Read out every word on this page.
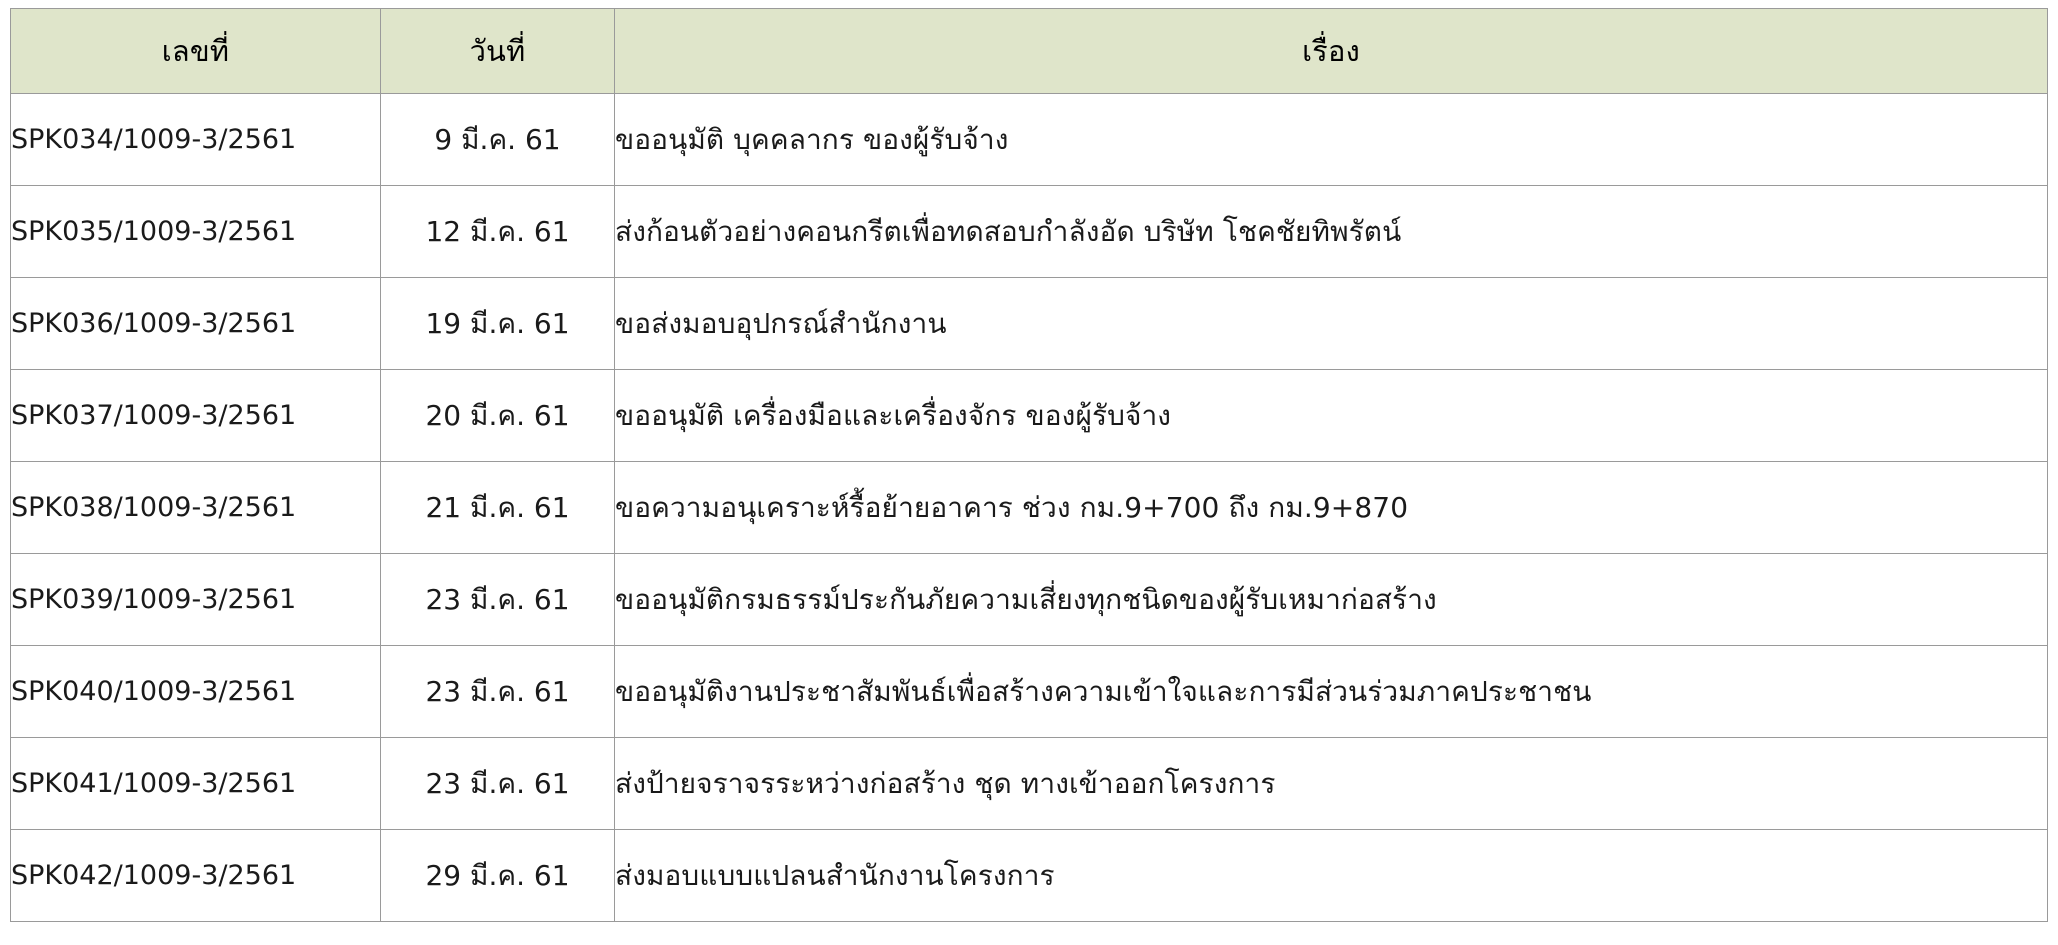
เลขที่	วันที่	เรื่อง
SPK034/1009-3/2561	9 มี.ค. 61	ขออนุมัติ บุคคลากร ของผู้รับจ้าง
SPK035/1009-3/2561	12 มี.ค. 61	ส่งก้อนตัวอย่างคอนกรีตเพื่อทดสอบกำลังอัด บริษัท โชคชัยทิพรัตน์
SPK036/1009-3/2561	19 มี.ค. 61	ขอส่งมอบอุปกรณ์สำนักงาน
SPK037/1009-3/2561	20 มี.ค. 61	ขออนุมัติ เครื่องมือและเครื่องจักร ของผู้รับจ้าง
SPK038/1009-3/2561	21 มี.ค. 61	ขอความอนุเคราะห์รื้อย้ายอาคาร ช่วง กม.9+700 ถึง กม.9+870
SPK039/1009-3/2561	23 มี.ค. 61	ขออนุมัติกรมธรรม์ประกันภัยความเสี่ยงทุกชนิดของผู้รับเหมาก่อสร้าง
SPK040/1009-3/2561	23 มี.ค. 61	ขออนุมัติงานประชาสัมพันธ์เพื่อสร้างความเข้าใจและการมีส่วนร่วมภาคประชาชน
SPK041/1009-3/2561	23 มี.ค. 61	ส่งป้ายจราจรระหว่างก่อสร้าง ชุด ทางเข้าออกโครงการ
SPK042/1009-3/2561	29 มี.ค. 61	ส่งมอบแบบแปลนสำนักงานโครงการ
